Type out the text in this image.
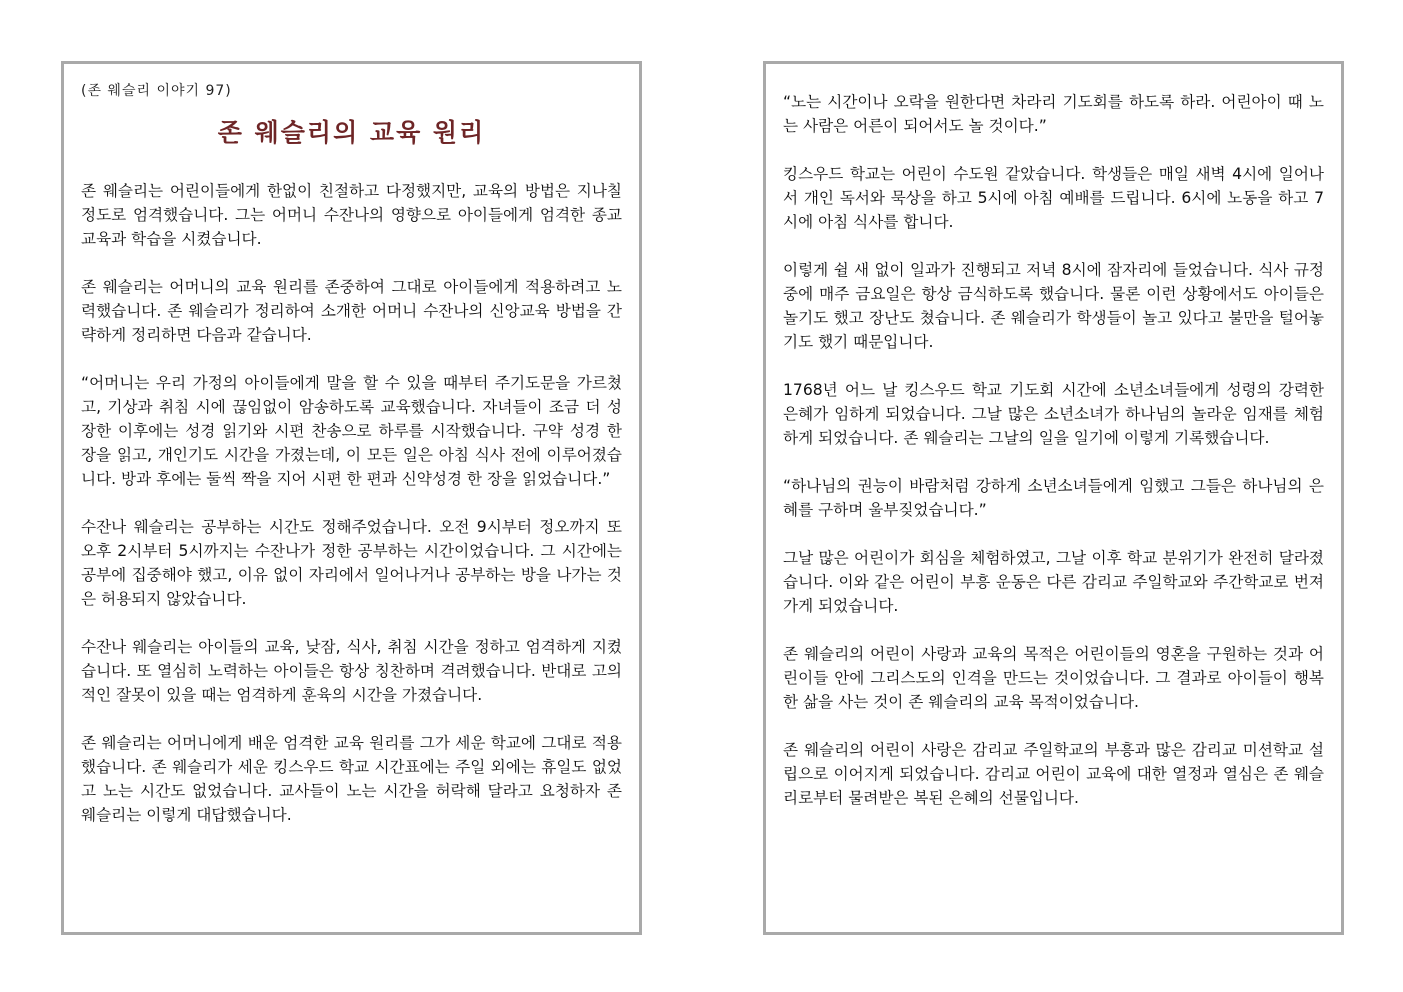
(존 웨슬리 이야기 97)
존 웨슬리의 교육 원리

존 웨슬리는 어린이들에게 한없이 친절하고 다정했지만, 교육의 방법은 지나칠 정도로 엄격했습니다. 그는 어머니 수잔나의 영향으로 아이들에게 엄격한 종교교육과 학습을 시켰습니다.

존 웨슬리는 어머니의 교육 원리를 존중하여 그대로 아이들에게 적용하려고 노력했습니다. 존 웨슬리가 정리하여 소개한 어머니 수잔나의 신앙교육 방법을 간략하게 정리하면 다음과 같습니다.

“어머니는 우리 가정의 아이들에게 말을 할 수 있을 때부터 주기도문을 가르쳤고, 기상과 취침 시에 끊임없이 암송하도록 교육했습니다. 자녀들이 조금 더 성장한 이후에는 성경 읽기와 시편 찬송으로 하루를 시작했습니다. 구약 성경 한 장을 읽고, 개인기도 시간을 가졌는데, 이 모든 일은 아침 식사 전에 이루어졌습니다. 방과 후에는 둘씩 짝을 지어 시편 한 편과 신약성경 한 장을 읽었습니다.”

수잔나 웨슬리는 공부하는 시간도 정해주었습니다. 오전 9시부터 정오까지 또 오후 2시부터 5시까지는 수잔나가 정한 공부하는 시간이었습니다. 그 시간에는 공부에 집중해야 했고, 이유 없이 자리에서 일어나거나 공부하는 방을 나가는 것은 허용되지 않았습니다.

수잔나 웨슬리는 아이들의 교육, 낮잠, 식사, 취침 시간을 정하고 엄격하게 지켰습니다. 또 열심히 노력하는 아이들은 항상 칭찬하며 격려했습니다. 반대로 고의적인 잘못이 있을 때는 엄격하게 훈육의 시간을 가졌습니다.

존 웨슬리는 어머니에게 배운 엄격한 교육 원리를 그가 세운 학교에 그대로 적용했습니다. 존 웨슬리가 세운 킹스우드 학교 시간표에는 주일 외에는 휴일도 없었고 노는 시간도 없었습니다. 교사들이 노는 시간을 허락해 달라고 요청하자 존 웨슬리는 이렇게 대답했습니다.

“노는 시간이나 오락을 원한다면 차라리 기도회를 하도록 하라. 어린아이 때 노는 사람은 어른이 되어서도 놀 것이다.”

킹스우드 학교는 어린이 수도원 같았습니다. 학생들은 매일 새벽 4시에 일어나서 개인 독서와 묵상을 하고 5시에 아침 예배를 드립니다. 6시에 노동을 하고 7시에 아침 식사를 합니다.

이렇게 쉴 새 없이 일과가 진행되고 저녁 8시에 잠자리에 들었습니다. 식사 규정 중에 매주 금요일은 항상 금식하도록 했습니다. 물론 이런 상황에서도 아이들은 놀기도 했고 장난도 쳤습니다. 존 웨슬리가 학생들이 놀고 있다고 불만을 털어놓기도 했기 때문입니다.

1768년 어느 날 킹스우드 학교 기도회 시간에 소년소녀들에게 성령의 강력한 은혜가 임하게 되었습니다. 그날 많은 소년소녀가 하나님의 놀라운 임재를 체험하게 되었습니다. 존 웨슬리는 그날의 일을 일기에 이렇게 기록했습니다.

“하나님의 권능이 바람처럼 강하게 소년소녀들에게 임했고 그들은 하나님의 은혜를 구하며 울부짖었습니다.”

그날 많은 어린이가 회심을 체험하였고, 그날 이후 학교 분위기가 완전히 달라졌습니다. 이와 같은 어린이 부흥 운동은 다른 감리교 주일학교와 주간학교로 번져가게 되었습니다.

존 웨슬리의 어린이 사랑과 교육의 목적은 어린이들의 영혼을 구원하는 것과 어린이들 안에 그리스도의 인격을 만드는 것이었습니다. 그 결과로 아이들이 행복한 삶을 사는 것이 존 웨슬리의 교육 목적이었습니다.

존 웨슬리의 어린이 사랑은 감리교 주일학교의 부흥과 많은 감리교 미션학교 설립으로 이어지게 되었습니다. 감리교 어린이 교육에 대한 열정과 열심은 존 웨슬리로부터 물려받은 복된 은혜의 선물입니다.
